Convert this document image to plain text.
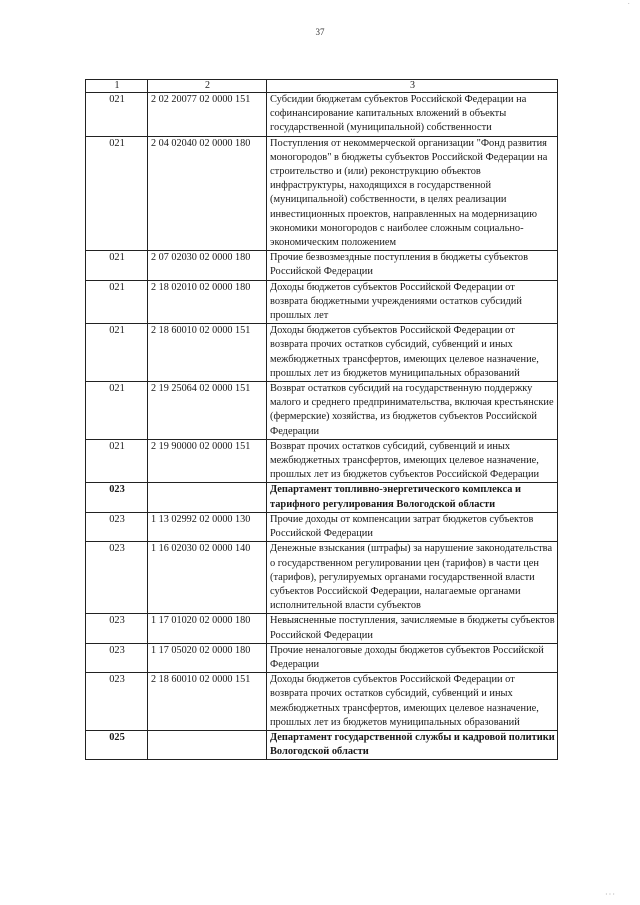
·
37
1	2	3
021	2 02 20077 02 0000 151	Субсидии бюджетам субъектов Российской Федерации на софинансирование капитальных вложений в объекты государственной (муниципальной) собственности
021	2 04 02040 02 0000 180	Поступления от некоммерческой организации "Фонд развития моногородов" в бюджеты субъектов Российской Федерации на строительство и (или) реконструкцию объектов инфраструктуры, находящихся в государственной (муниципальной) собственности, в целях реализации инвестиционных проектов, направленных на модернизацию экономики моногородов с наиболее сложным социально-экономическим положением
021	2 07 02030 02 0000 180	Прочие безвозмездные поступления в бюджеты субъектов Российской Федерации
021	2 18 02010 02 0000 180	Доходы бюджетов субъектов Российской Федерации от возврата бюджетными учреждениями остатков субсидий прошлых лет
021	2 18 60010 02 0000 151	Доходы бюджетов субъектов Российской Федерации от возврата прочих остатков субсидий, субвенций и иных межбюджетных трансфертов, имеющих целевое назначение, прошлых лет из бюджетов муниципальных образований
021	2 19 25064 02 0000 151	Возврат остатков субсидий на государственную поддержку малого и среднего предпринимательства, включая крестьянские (фермерские) хозяйства, из бюджетов субъектов Российской Федерации
021	2 19 90000 02 0000 151	Возврат прочих остатков субсидий, субвенций и иных межбюджетных трансфертов, имеющих целевое назначение, прошлых лет из бюджетов субъектов Российской Федерации
023		Департамент топливно-энергетического комплекса и тарифного регулирования Вологодской области
023	1 13 02992 02 0000 130	Прочие доходы от компенсации затрат бюджетов субъектов Российской Федерации
023	1 16 02030 02 0000 140	Денежные взыскания (штрафы) за нарушение законодательства о государственном регулировании цен (тарифов) в части цен (тарифов), регулируемых органами государственной власти субъектов Российской Федерации, налагаемые органами исполнительной власти субъектов
023	1 17 01020 02 0000 180	Невыясненные поступления, зачисляемые в бюджеты субъектов Российской Федерации
023	1 17 05020 02 0000 180	Прочие неналоговые доходы бюджетов субъектов Российской Федерации
023	2 18 60010 02 0000 151	Доходы бюджетов субъектов Российской Федерации от возврата прочих остатков субсидий, субвенций и иных межбюджетных трансфертов, имеющих целевое назначение, прошлых лет из бюджетов муниципальных образований
025		Департамент государственной службы и кадровой политики Вологодской области
···
